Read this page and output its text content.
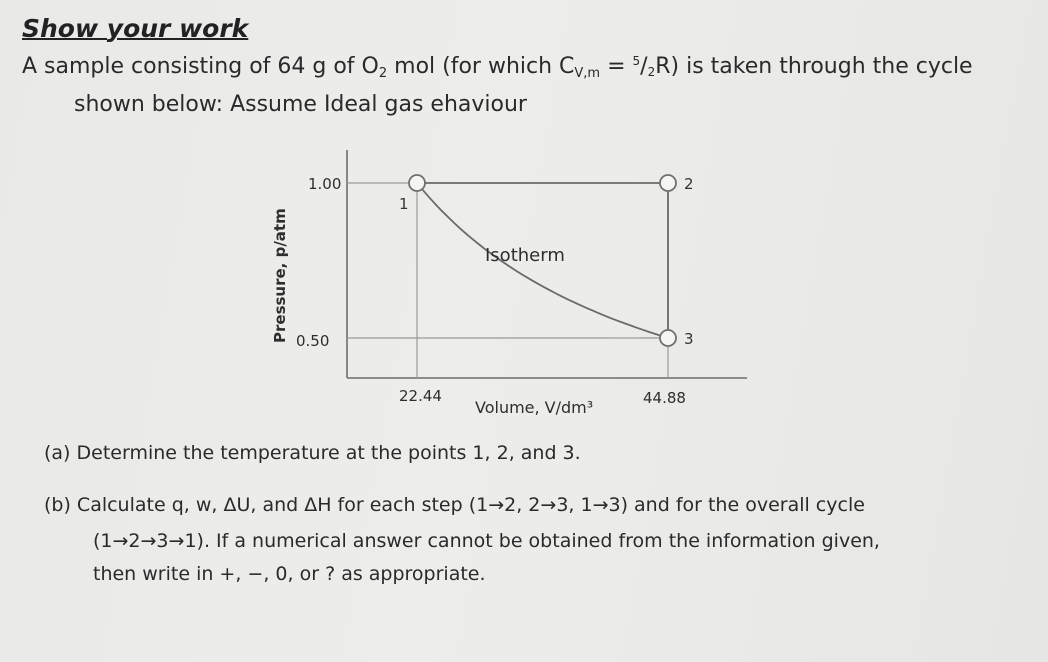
Show your work
A sample consisting of 64 g of O2 mol (for which $CV,m = ^5/_2R$) is taken through the cycle
shown below: Assume Ideal gas ehaviour
1
2
3
Isotherm
1.00
0.50
22.44	44.88
Volume, V/dm³
Pressure, p/atm
(a) Determine the temperature at the points 1, 2, and 3.
(b) Calculate q, w, ΔU, and ΔH for each step (1→2, 2→3, 1→3) and for the overall cycle
(1→2→3→1). If a numerical answer cannot be obtained from the information given,
then write in +, −, 0, or ? as appropriate.
